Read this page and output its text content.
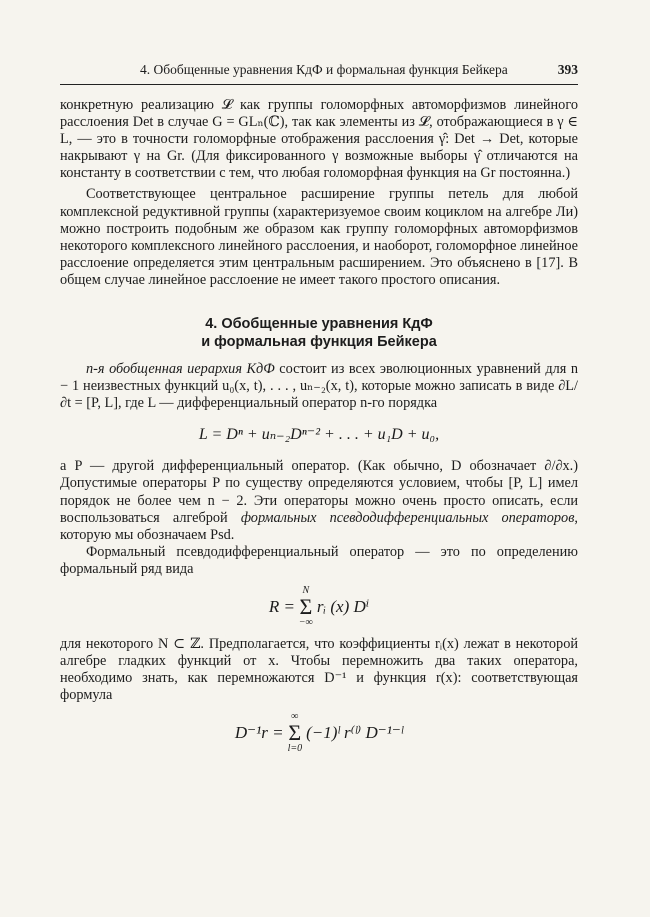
4. Обобщенные уравнения КдФ и формальная функция Бейкера	393

конкретную реализацию 𝓛 как группы голоморфных автоморфизмов линейного расслоения Det в случае G = GLₙ(ℂ), так как элементы из 𝓛, отображающиеся в γ ∈ L, — это в точности голоморфные отображения расслоения γ̂: Det → Det, которые накрывают γ на Gr. (Для фиксированного γ возможные выборы γ̂ отличаются на константу в соответствии с тем, что любая голоморфная функция на Gr постоянна.)

Соответствующее центральное расширение группы петель для любой комплексной редуктивной группы (характеризуемое своим коциклом на алгебре Ли) можно построить подобным же образом как группу голоморфных автоморфизмов некоторого комплексного линейного расслоения, и наоборот, голоморфное линейное расслоение определяется этим центральным расширением. Это объяснено в [17]. В общем случае линейное расслоение не имеет такого простого описания.

4. Обобщенные уравнения КдФ
и формальная функция Бейкера

n-я обобщенная иерархия КдФ состоит из всех эволюционных уравнений для n − 1 неизвестных функций u₀(x, t), . . . , uₙ₋₂(x, t), которые можно записать в виде ∂L/∂t = [P, L], где L — дифференциальный оператор n-го порядка

L = Dⁿ + uₙ₋₂Dⁿ⁻² + . . . + u₁D + u₀,

а P — другой дифференциальный оператор. (Как обычно, D обозначает ∂/∂x.) Допустимые операторы P по существу определяются условием, чтобы [P, L] имел порядок не более чем n − 2. Эти операторы можно очень просто описать, если воспользоваться алгеброй формальных псевдодифференциальных операторов, которую мы обозначаем Psd.

Формальный псевдодифференциальный оператор — это по определению формальный ряд вида

R =
N
Σ
−∞
rᵢ (x) Dⁱ

для некоторого N ⊂ ℤ. Предполагается, что коэффициенты rᵢ(x) лежат в некоторой алгебре гладких функций от x. Чтобы перемножить два таких оператора, необходимо знать, как перемножаются D⁻¹ и функция r(x): соответствующая формула

D⁻¹r =
∞
Σ
l=0
(−1)ˡ r⁽ˡ⁾ D⁻¹⁻ˡ
